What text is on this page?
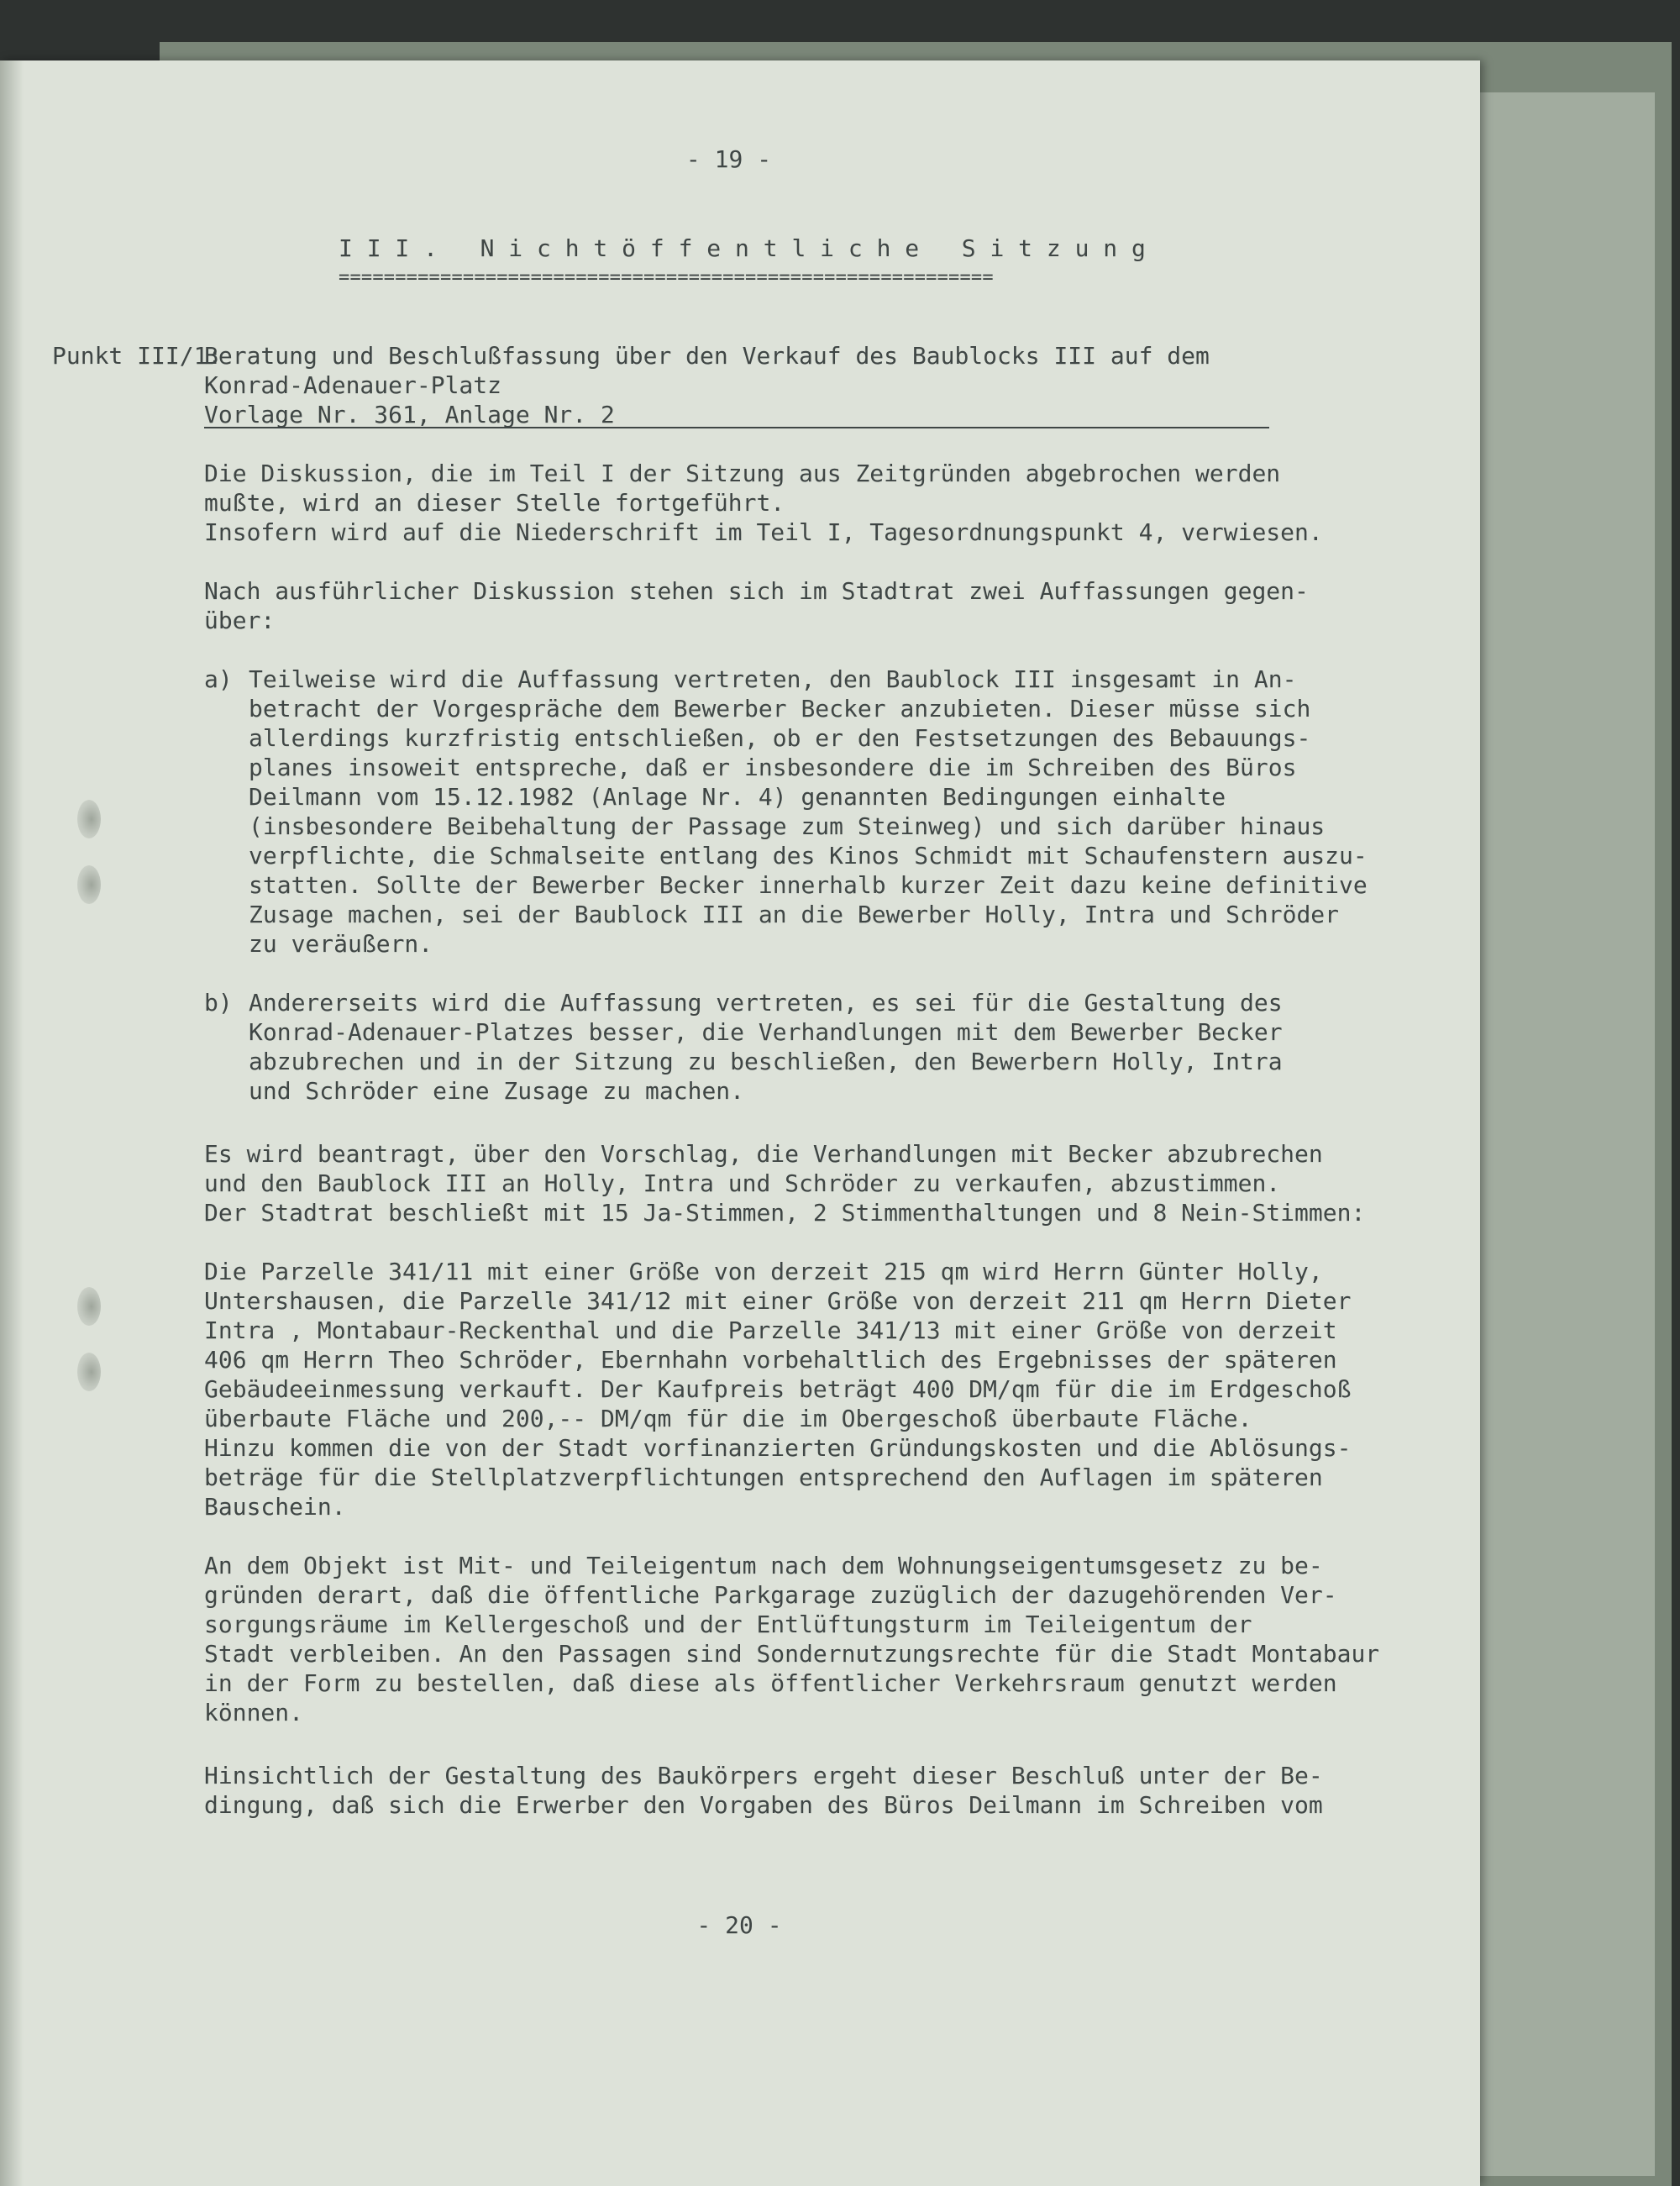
- 19 -
I I I .   N i c h t ö f f e n t l i c h e   S i t z u n g
==========================================================
Punkt III/1:
Beratung und Beschlußfassung über den Verkauf des Baublocks III auf dem
Konrad-Adenauer-Platz
Vorlage Nr. 361, Anlage Nr. 2
Die Diskussion, die im Teil I der Sitzung aus Zeitgründen abgebrochen werden
mußte, wird an dieser Stelle fortgeführt.
Insofern wird auf die Niederschrift im Teil I, Tagesordnungspunkt 4, verwiesen.
Nach ausführlicher Diskussion stehen sich im Stadtrat zwei Auffassungen gegen-
über:
a) Teilweise wird die Auffassung vertreten, den Baublock III insgesamt in An-
betracht der Vorgespräche dem Bewerber Becker anzubieten. Dieser müsse sich
allerdings kurzfristig entschließen, ob er den Festsetzungen des Bebauungs-
planes insoweit entspreche, daß er insbesondere die im Schreiben des Büros
Deilmann vom 15.12.1982 (Anlage Nr. 4) genannten Bedingungen einhalte
(insbesondere Beibehaltung der Passage zum Steinweg) und sich darüber hinaus
verpflichte, die Schmalseite entlang des Kinos Schmidt mit Schaufenstern auszu-
statten. Sollte der Bewerber Becker innerhalb kurzer Zeit dazu keine definitive
Zusage machen, sei der Baublock III an die Bewerber Holly, Intra und Schröder
zu veräußern.
b) Andererseits wird die Auffassung vertreten, es sei für die Gestaltung des
Konrad-Adenauer-Platzes besser, die Verhandlungen mit dem Bewerber Becker
abzubrechen und in der Sitzung zu beschließen, den Bewerbern Holly, Intra
und Schröder eine Zusage zu machen.
Es wird beantragt, über den Vorschlag, die Verhandlungen mit Becker abzubrechen
und den Baublock III an Holly, Intra und Schröder zu verkaufen, abzustimmen.
Der Stadtrat beschließt mit 15 Ja-Stimmen, 2 Stimmenthaltungen und 8 Nein-Stimmen:
Die Parzelle 341/11 mit einer Größe von derzeit 215 qm wird Herrn Günter Holly,
Untershausen, die Parzelle 341/12 mit einer Größe von derzeit 211 qm Herrn Dieter
Intra , Montabaur-Reckenthal und die Parzelle 341/13 mit einer Größe von derzeit
406 qm Herrn Theo Schröder, Ebernhahn vorbehaltlich des Ergebnisses der späteren
Gebäudeeinmessung verkauft. Der Kaufpreis beträgt 400 DM/qm für die im Erdgeschoß
überbaute Fläche und 200,-- DM/qm für die im Obergeschoß überbaute Fläche.
Hinzu kommen die von der Stadt vorfinanzierten Gründungskosten und die Ablösungs-
beträge für die Stellplatzverpflichtungen entsprechend den Auflagen im späteren
Bauschein.
An dem Objekt ist Mit- und Teileigentum nach dem Wohnungseigentumsgesetz zu be-
gründen derart, daß die öffentliche Parkgarage zuzüglich der dazugehörenden Ver-
sorgungsräume im Kellergeschoß und der Entlüftungsturm im Teileigentum der
Stadt verbleiben. An den Passagen sind Sondernutzungsrechte für die Stadt Montabaur
in der Form zu bestellen, daß diese als öffentlicher Verkehrsraum genutzt werden
können.
Hinsichtlich der Gestaltung des Baukörpers ergeht dieser Beschluß unter der Be-
dingung, daß sich die Erwerber den Vorgaben des Büros Deilmann im Schreiben vom
- 20 -
